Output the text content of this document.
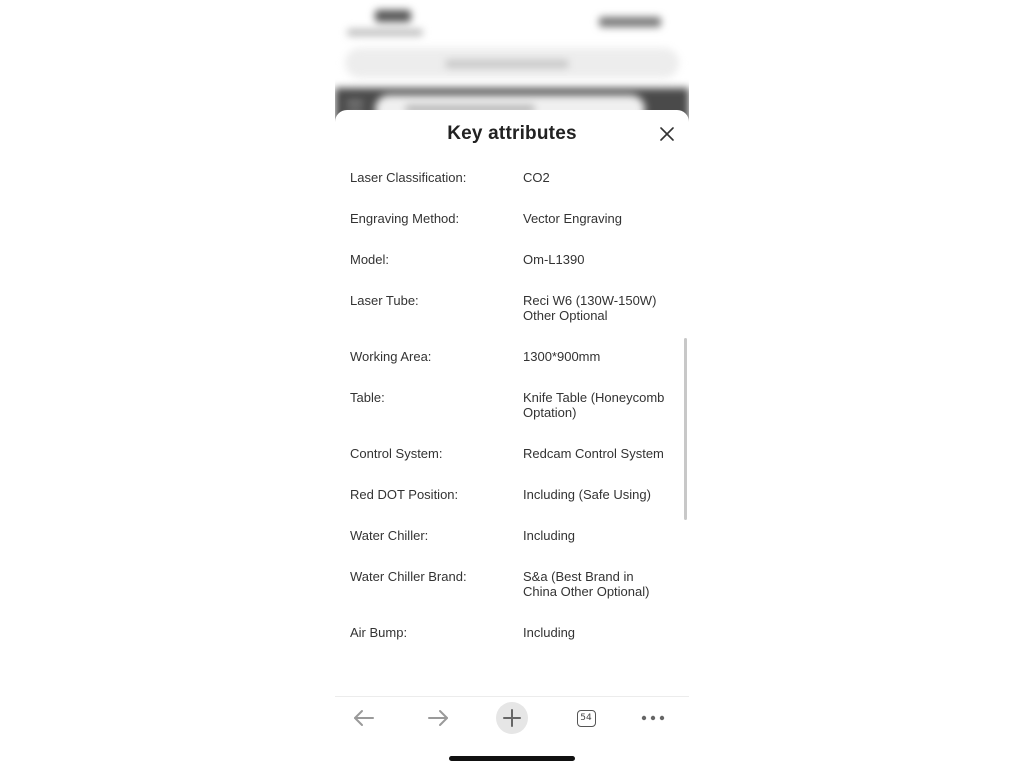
Key attributes
Laser Classification:	CO2
Engraving Method:	Vector Engraving
Model:	Om-L1390
Laser Tube:	Reci W6 (130W-150W) Other Optional
Working Area:	1300*900mm
Table:	Knife Table (Honeycomb Optation)
Control System:	Redcam Control System
Red DOT Position:	Including (Safe Using)
Water Chiller:	Including
Water Chiller Brand:	S&a (Best Brand in China Other Optional)
Air Bump:	Including
54
